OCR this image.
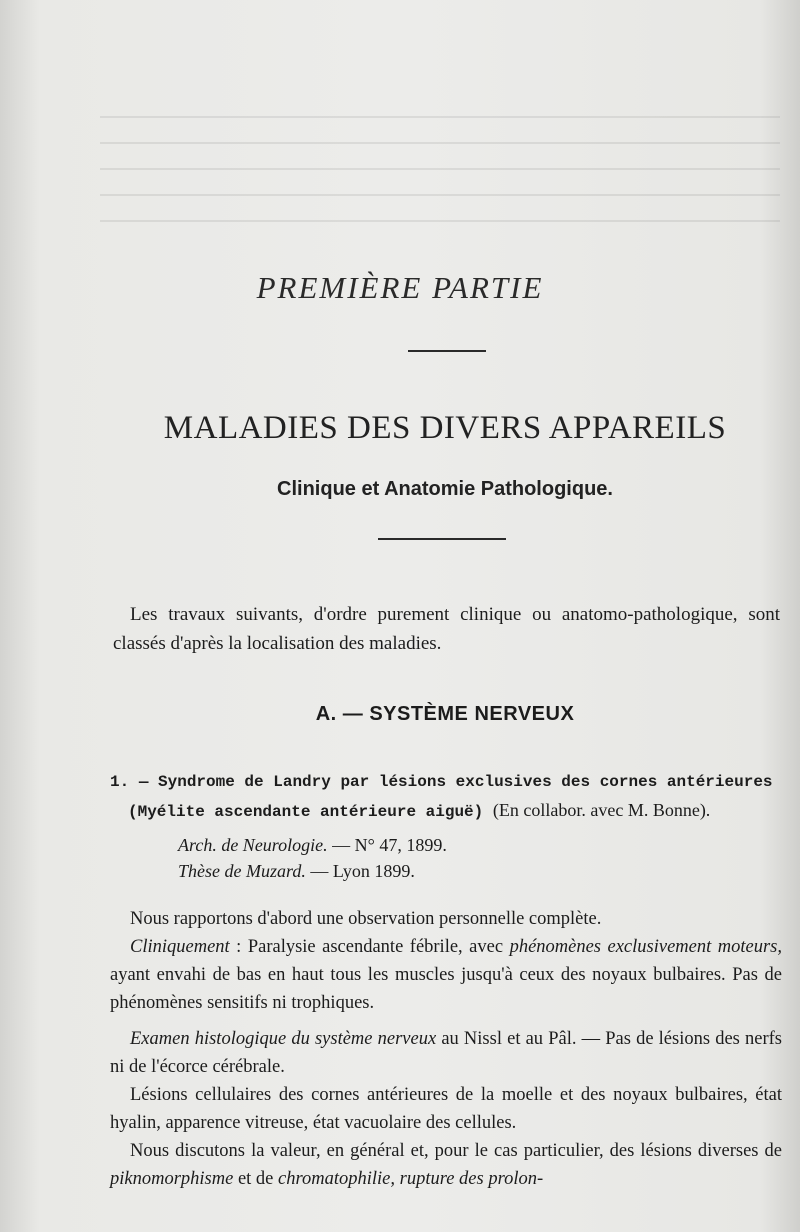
PREMIÈRE PARTIE
MALADIES DES DIVERS APPAREILS
Clinique et Anatomie Pathologique.
Les travaux suivants, d'ordre purement clinique ou anatomo-pathologique, sont classés d'après la localisation des maladies.
A. — SYSTÈME NERVEUX
1. — Syndrome de Landry par lésions exclusives des cornes antérieures
(Myélite ascendante antérieure aiguë) (En collabor. avec M. Bonne).
Arch. de Neurologie. — N° 47, 1899.
Thèse de Muzard. — Lyon 1899.

Nous rapportons d'abord une observation personnelle complète.

Cliniquement : Paralysie ascendante fébrile, avec phénomènes exclusivement moteurs, ayant envahi de bas en haut tous les muscles jusqu'à ceux des noyaux bulbaires. Pas de phénomènes sensitifs ni trophiques.

Examen histologique du système nerveux au Nissl et au Pâl. — Pas de lésions des nerfs ni de l'écorce cérébrale.

Lésions cellulaires des cornes antérieures de la moelle et des noyaux bulbaires, état hyalin, apparence vitreuse, état vacuolaire des cellules.

Nous discutons la valeur, en général et, pour le cas particulier, des lésions diverses de piknomorphisme et de chromatophilie, rupture des prolon-
